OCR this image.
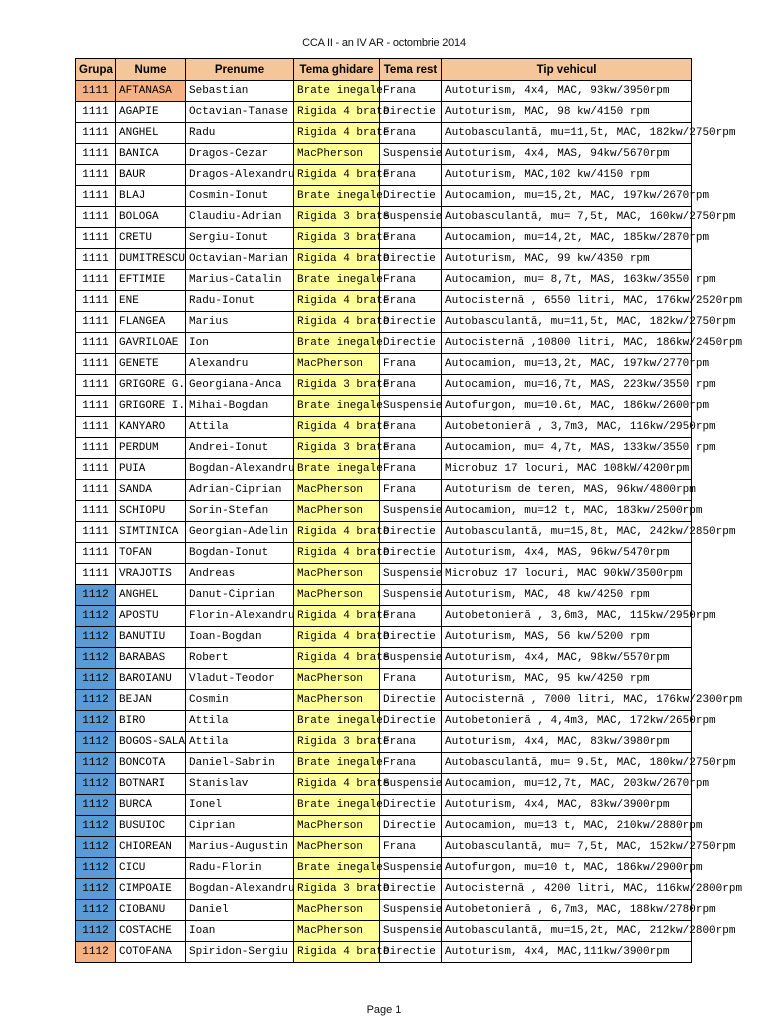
CCA II - an IV AR - octombrie 2014
Grupa	Nume	Prenume	Tema ghidare	Tema rest	Tip vehicul
1111	AFTANASA	Sebastian	Brate inegale	Frana	Autoturism, 4x4, MAC, 93kw/3950rpm
1111	AGAPIE	Octavian-Tanase	Rigida 4 brate	Directie	Autoturism, MAC, 98 kw/4150 rpm
1111	ANGHEL	Radu	Rigida 4 brate	Frana	Autobasculantă, mu=11,5t, MAC, 182kw/2750rpm
1111	BANICA	Dragos-Cezar	MacPherson	Suspensie	Autoturism, 4x4, MAS, 94kw/5670rpm
1111	BAUR	Dragos-Alexandru	Rigida 4 brate	Frana	Autoturism, MAC,102 kw/4150 rpm
1111	BLAJ	Cosmin-Ionut	Brate inegale	Directie	Autocamion, mu=15,2t, MAC, 197kw/2670rpm
1111	BOLOGA	Claudiu-Adrian	Rigida 3 brate	Suspensie	Autobasculantă, mu= 7,5t, MAC, 160kw/2750rpm
1111	CRETU	Sergiu-Ionut	Rigida 3 brate	Frana	Autocamion, mu=14,2t, MAC, 185kw/2870rpm
1111	DUMITRESCU	Octavian-Marian	Rigida 4 brate	Directie	Autoturism, MAC, 99 kw/4350 rpm
1111	EFTIMIE	Marius-Catalin	Brate inegale	Frana	Autocamion, mu= 8,7t, MAS, 163kw/3550 rpm
1111	ENE	Radu-Ionut	Rigida 4 brate	Frana	Autocisternă , 6550 litri, MAC, 176kw/2520rpm
1111	FLANGEA	Marius	Rigida 4 brate	Directie	Autobasculantă, mu=11,5t, MAC, 182kw/2750rpm
1111	GAVRILOAE	Ion	Brate inegale	Directie	Autocisternă ,10800 litri, MAC, 186kw/2450rpm
1111	GENETE	Alexandru	MacPherson	Frana	Autocamion, mu=13,2t, MAC, 197kw/2770rpm
1111	GRIGORE G.	Georgiana-Anca	Rigida 3 brate	Frana	Autocamion, mu=16,7t, MAS, 223kw/3550 rpm
1111	GRIGORE I.	Mihai-Bogdan	Brate inegale	Suspensie	Autofurgon, mu=10.6t, MAC, 186kw/2600rpm
1111	KANYARO	Attila	Rigida 4 brate	Frana	Autobetonieră , 3,7m3, MAC, 116kw/2950rpm
1111	PERDUM	Andrei-Ionut	Rigida 3 brate	Frana	Autocamion, mu= 4,7t, MAS, 133kw/3550 rpm
1111	PUIA	Bogdan-Alexandru	Brate inegale	Frana	Microbuz 17 locuri, MAC 108kW/4200rpm
1111	SANDA	Adrian-Ciprian	MacPherson	Frana	Autoturism de teren, MAS, 96kw/4800rpm
1111	SCHIOPU	Sorin-Stefan	MacPherson	Suspensie	Autocamion, mu=12 t, MAC, 183kw/2500rpm
1111	SIMTINICA	Georgian-Adelin	Rigida 4 brate	Directie	Autobasculantă, mu=15,8t, MAC, 242kw/2850rpm
1111	TOFAN	Bogdan-Ionut	Rigida 4 brate	Directie	Autoturism, 4x4, MAS, 96kw/5470rpm
1111	VRAJOTIS	Andreas	MacPherson	Suspensie	Microbuz 17 locuri, MAC 90kW/3500rpm
1112	ANGHEL	Danut-Ciprian	MacPherson	Suspensie	Autoturism, MAC, 48 kw/4250 rpm
1112	APOSTU	Florin-Alexandru	Rigida 4 brate	Frana	Autobetonieră , 3,6m3, MAC, 115kw/2950rpm
1112	BANUTIU	Ioan-Bogdan	Rigida 4 brate	Directie	Autoturism, MAS, 56 kw/5200 rpm
1112	BARABAS	Robert	Rigida 4 brate	Suspensie	Autoturism, 4x4, MAC, 98kw/5570rpm
1112	BAROIANU	Vladut-Teodor	MacPherson	Frana	Autoturism, MAC, 95 kw/4250 rpm
1112	BEJAN	Cosmin	MacPherson	Directie	Autocisternă , 7000 litri, MAC, 176kw/2300rpm
1112	BIRO	Attila	Brate inegale	Directie	Autobetonieră , 4,4m3, MAC, 172kw/2650rpm
1112	BOGOS-SALA	Attila	Rigida 3 brate	Frana	Autoturism, 4x4, MAC, 83kw/3980rpm
1112	BONCOTA	Daniel-Sabrin	Brate inegale	Frana	Autobasculantă, mu= 9.5t, MAC, 180kw/2750rpm
1112	BOTNARI	Stanislav	Rigida 4 brate	Suspensie	Autocamion, mu=12,7t, MAC, 203kw/2670rpm
1112	BURCA	Ionel	Brate inegale	Directie	Autoturism, 4x4, MAC, 83kw/3900rpm
1112	BUSUIOC	Ciprian	MacPherson	Directie	Autocamion, mu=13 t, MAC, 210kw/2880rpm
1112	CHIOREAN	Marius-Augustin	MacPherson	Frana	Autobasculantă, mu= 7,5t, MAC, 152kw/2750rpm
1112	CICU	Radu-Florin	Brate inegale	Suspensie	Autofurgon, mu=10 t, MAC, 186kw/2900rpm
1112	CIMPOAIE	Bogdan-Alexandru	Rigida 3 brate	Directie	Autocisternă , 4200 litri, MAC, 116kw/2800rpm
1112	CIOBANU	Daniel	MacPherson	Suspensie	Autobetonieră , 6,7m3, MAC, 188kw/2780rpm
1112	COSTACHE	Ioan	MacPherson	Suspensie	Autobasculantă, mu=15,2t, MAC, 212kw/2800rpm
1112	COTOFANA	Spiridon-Sergiu	Rigida 4 brate	Directie	Autoturism, 4x4, MAC,111kw/3900rpm
Page 1
